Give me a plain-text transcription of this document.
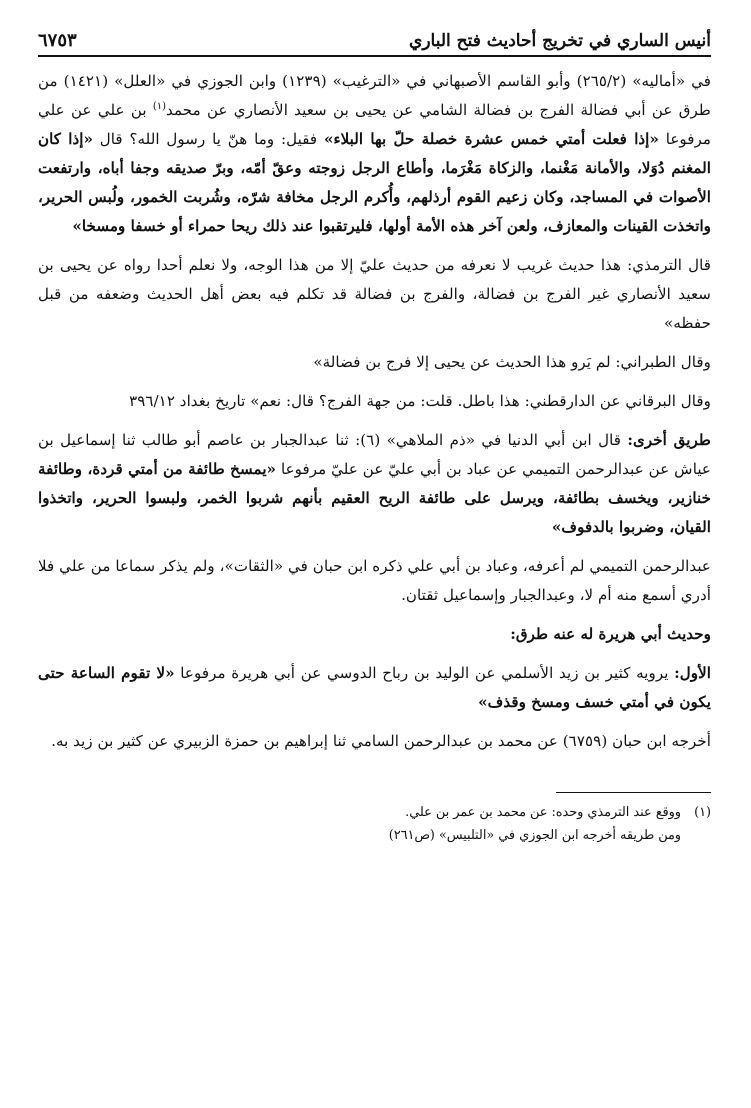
أنيس الساري في تخريج أحاديث فتح الباري
٦٧٥٣

في «أماليه» (٢٦٥/٢) وأبو القاسم الأصبهاني في «الترغيب» (١٢٣٩) وابن الجوزي في «العلل» (١٤٢١) من طرق عن أبي فضالة الفرج بن فضالة الشامي عن يحيى بن سعيد الأنصاري عن محمد$^{(١)}$ بن علي عن علي مرفوعا «إذا فعلت أمتي خمس عشرة خصلة حلّ بها البلاء» فقيل: وما هنّ يا رسول الله؟ قال «إذا كان المغنم دُوَلا، والأمانة مَغْنما، والزكاة مَغْرَما، وأطاع الرجل زوجته وعقّ أمّه، وبرّ صديقه وجفا أباه، وارتفعت الأصوات في المساجد، وكان زعيم القوم أرذلهم، وأُكرم الرجل مخافة شرّه، وشُربت الخمور، ولُبس الحرير، واتخذت القينات والمعازف، ولعن آخر هذه الأمة أولها، فليرتقبوا عند ذلك ريحا حمراء أو خسفا ومسخا»

قال الترمذي: هذا حديث غريب لا نعرفه من حديث عليّ إلا من هذا الوجه، ولا نعلم أحدا رواه عن يحيى بن سعيد الأنصاري غير الفرج بن فضالة، والفرج بن فضالة قد تكلم فيه بعض أهل الحديث وضعفه من قبل حفظه»

وقال الطبراني: لم يَرو هذا الحديث عن يحيى إلا فرج بن فضالة»

وقال البرقاني عن الدارقطني: هذا باطل. قلت: من جهة الفرج؟ قال: نعم» تاريخ بغداد ٣٩٦/١٢

طريق أخرى: قال ابن أبي الدنيا في «ذم الملاهي» (٦): ثنا عبدالجبار بن عاصم أبو طالب ثنا إسماعيل بن عياش عن عبدالرحمن التميمي عن عباد بن أبي عليّ عن عليّ مرفوعا «يمسخ طائفة من أمتي قردة، وطائفة خنازير، ويخسف بطائفة، ويرسل على طائفة الريح العقيم بأنهم شربوا الخمر، ولبسوا الحرير، واتخذوا القيان، وضربوا بالدفوف»

عبدالرحمن التميمي لم أعرفه، وعباد بن أبي علي ذكره ابن حبان في «الثقات»، ولم يذكر سماعا من علي فلا أدري أسمع منه أم لا، وعبدالجبار وإسماعيل ثقتان.

وحديث أبي هريرة له عنه طرق:

الأول: يرويه كثير بن زيد الأسلمي عن الوليد بن رباح الدوسي عن أبي هريرة مرفوعا «لا تقوم الساعة حتى يكون في أمتي خسف ومسخ وقذف»

أخرجه ابن حبان (٦٧٥٩) عن محمد بن عبدالرحمن السامي ثنا إبراهيم بن حمزة الزبيري عن كثير بن زيد به.

(١)ووقع عند الترمذي وحده: عن محمد بن عمر بن علي.
ومن طريقه أخرجه ابن الجوزي في «التلبيس» (ص٢٦١)
